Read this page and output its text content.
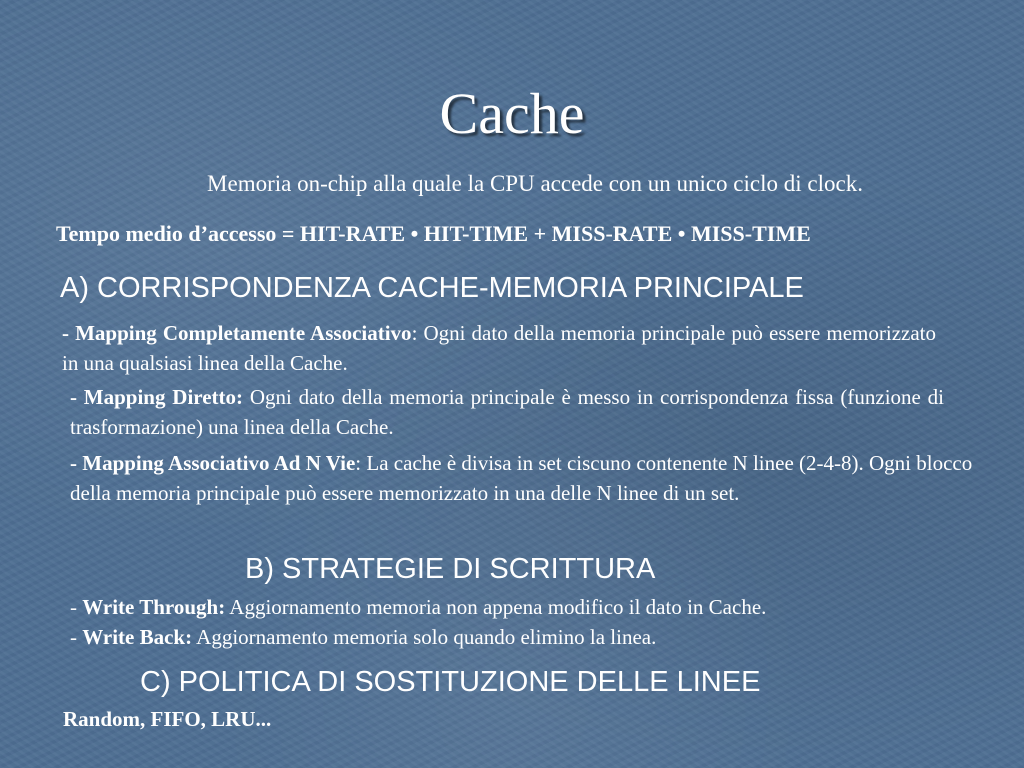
Cache
Memoria on-chip alla quale la CPU accede con un unico ciclo di clock.
Tempo medio d’accesso = HIT-RATE • HIT-TIME + MISS-RATE • MISS-TIME
A) CORRISPONDENZA CACHE-MEMORIA PRINCIPALE
- Mapping Completamente Associativo: Ogni dato della memoria principale può essere memorizzato in una qualsiasi linea della Cache.
- Mapping Diretto: Ogni dato della memoria principale è messo in corrispondenza fissa (funzione di trasformazione) una linea della Cache.
- Mapping Associativo Ad N Vie: La cache è divisa in set ciscuno contenente N linee (2-4-8). Ogni blocco della memoria principale può essere memorizzato in una delle N linee di un set.
B) STRATEGIE DI SCRITTURA
- Write Through: Aggiornamento memoria non appena modifico il dato in Cache.
- Write Back: Aggiornamento memoria solo quando elimino la linea.
C) POLITICA DI SOSTITUZIONE DELLE LINEE
Random, FIFO, LRU...
